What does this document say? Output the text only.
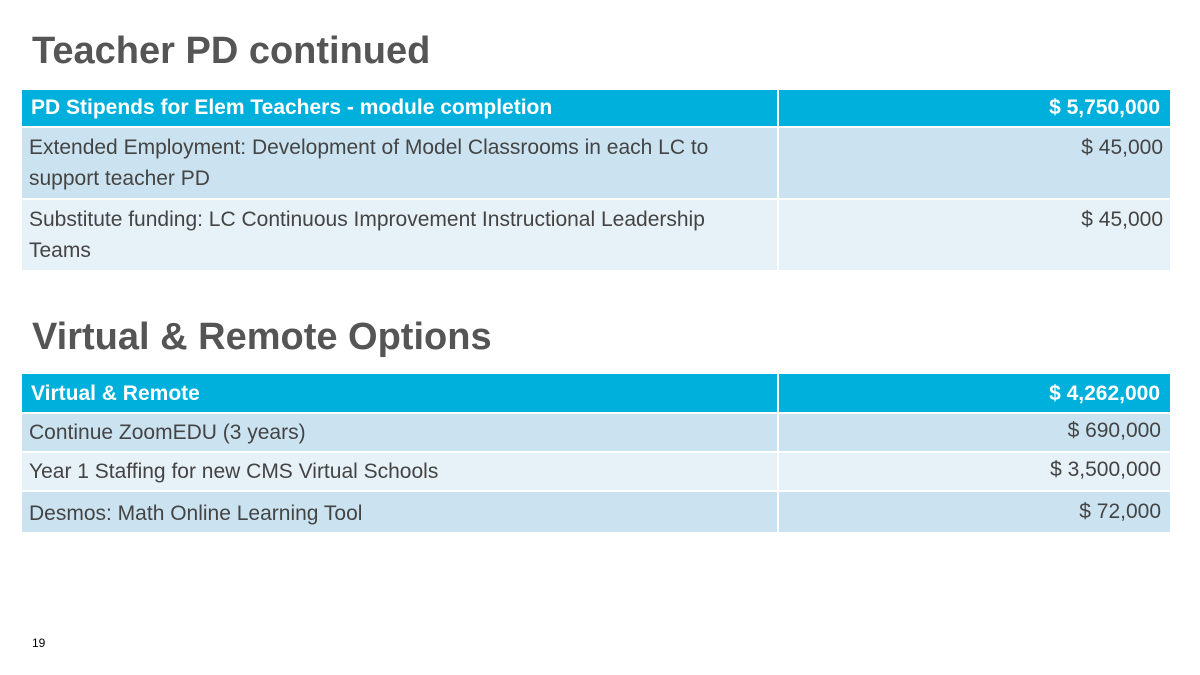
Teacher PD continued
PD Stipends for Elem Teachers - module completion	$ 5,750,000
Extended Employment: Development of Model Classrooms in each LC to support teacher PD	$ 45,000
Substitute funding: LC Continuous Improvement Instructional Leadership Teams	$ 45,000
Virtual & Remote Options
Virtual & Remote	$ 4,262,000
Continue ZoomEDU (3 years)	$ 690,000
Year 1 Staffing for new CMS Virtual Schools	$ 3,500,000
Desmos: Math Online Learning Tool	$ 72,000
19
